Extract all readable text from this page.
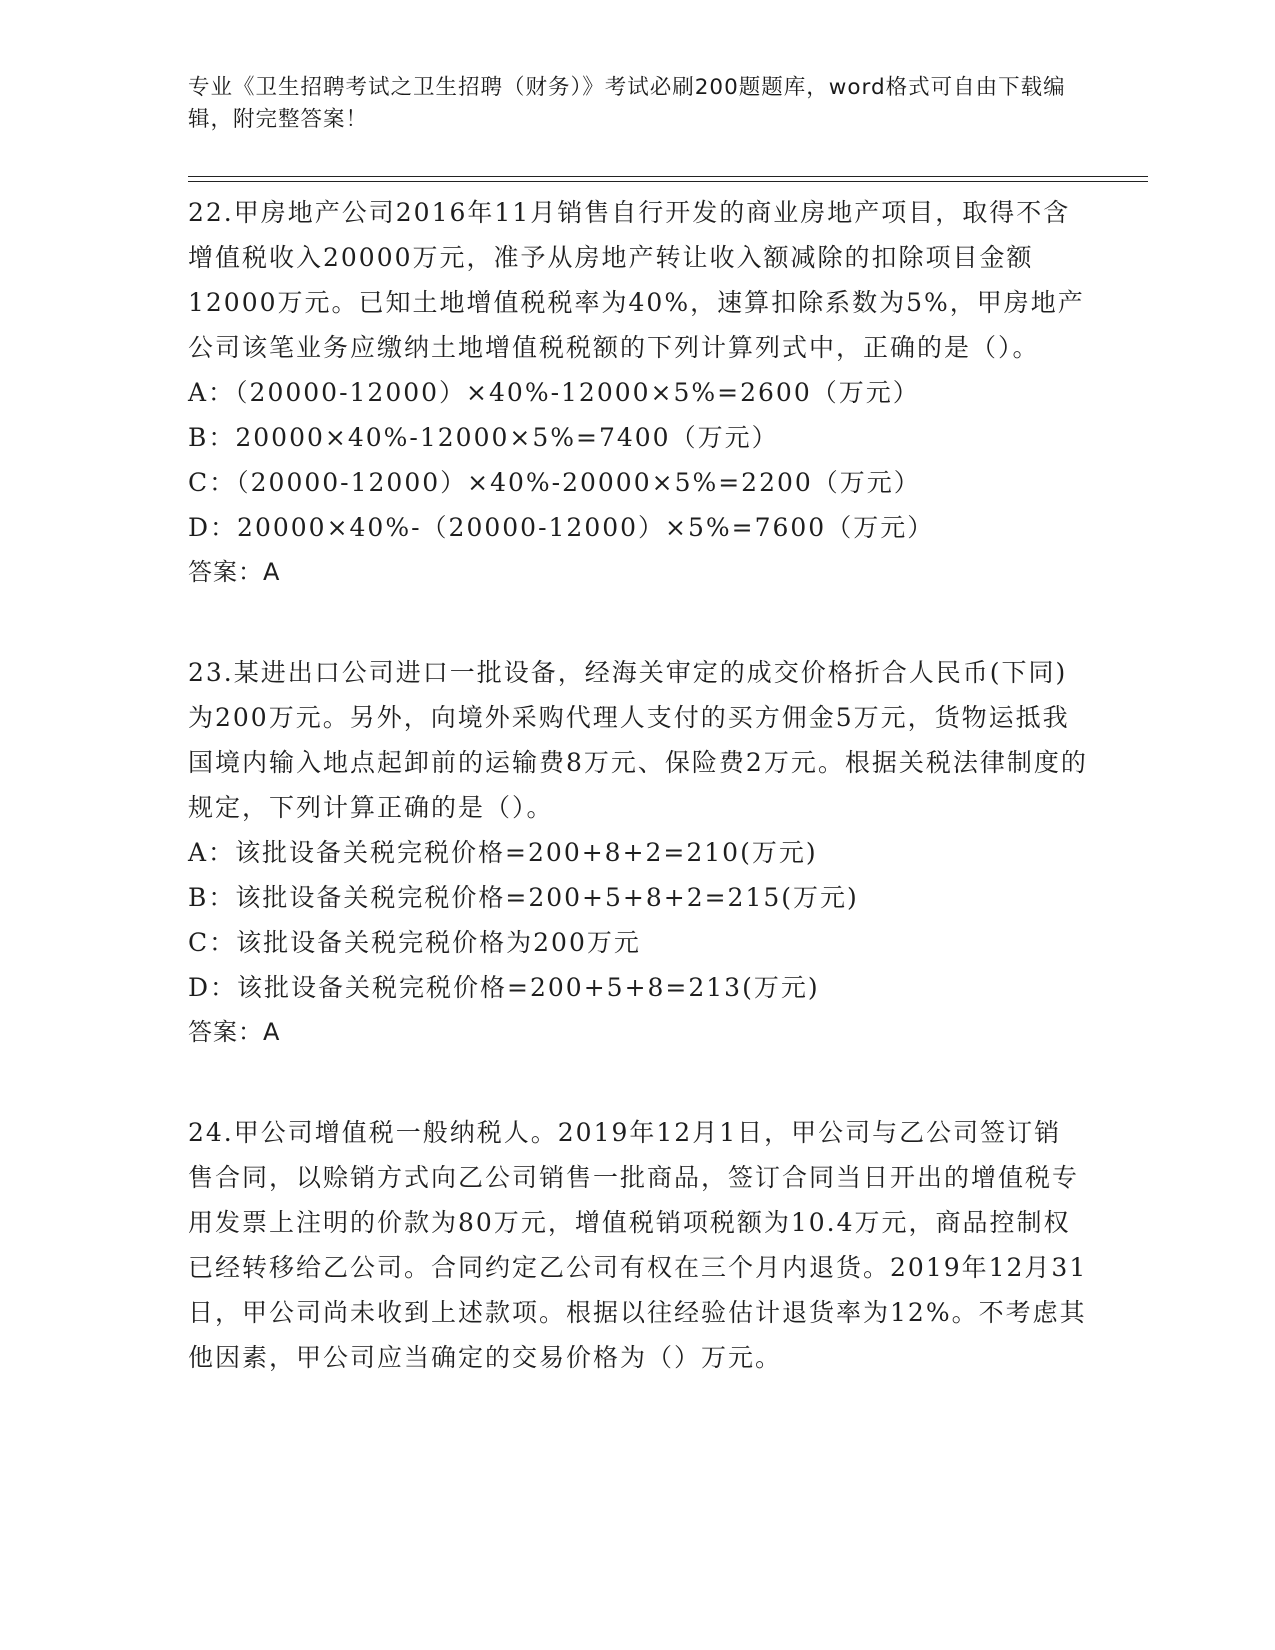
专业《卫生招聘考试之卫生招聘（财务）》考试必刷200题题库，word格式可自由下载编辑，附完整答案！

22.甲房地产公司2016年11月销售自行开发的商业房地产项目，取得不含增值税收入20000万元，准予从房地产转让收入额减除的扣除项目金额12000万元。已知土地增值税税率为40%，速算扣除系数为5%，甲房地产公司该笔业务应缴纳土地增值税税额的下列计算列式中，正确的是（）。

A：（20000-12000）×40%-12000×5%=2600（万元）
B：20000×40%-12000×5%=7400（万元）
C：（20000-12000）×40%-20000×5%=2200（万元）
D：20000×40%-（20000-12000）×5%=7600（万元）
答案：A

23.某进出口公司进口一批设备，经海关审定的成交价格折合人民币(下同)为200万元。另外，向境外采购代理人支付的买方佣金5万元，货物运抵我国境内输入地点起卸前的运输费8万元、保险费2万元。根据关税法律制度的规定，下列计算正确的是（）。

A：该批设备关税完税价格=200+8+2=210(万元)
B：该批设备关税完税价格=200+5+8+2=215(万元)
C：该批设备关税完税价格为200万元
D：该批设备关税完税价格=200+5+8=213(万元)
答案：A

24.甲公司增值税一般纳税人。2019年12月1日，甲公司与乙公司签订销售合同，以赊销方式向乙公司销售一批商品，签订合同当日开出的增值税专用发票上注明的价款为80万元，增值税销项税额为10.4万元，商品控制权已经转移给乙公司。合同约定乙公司有权在三个月内退货。2019年12月31日，甲公司尚未收到上述款项。根据以往经验估计退货率为12%。不考虑其他因素，甲公司应当确定的交易价格为（）万元。
